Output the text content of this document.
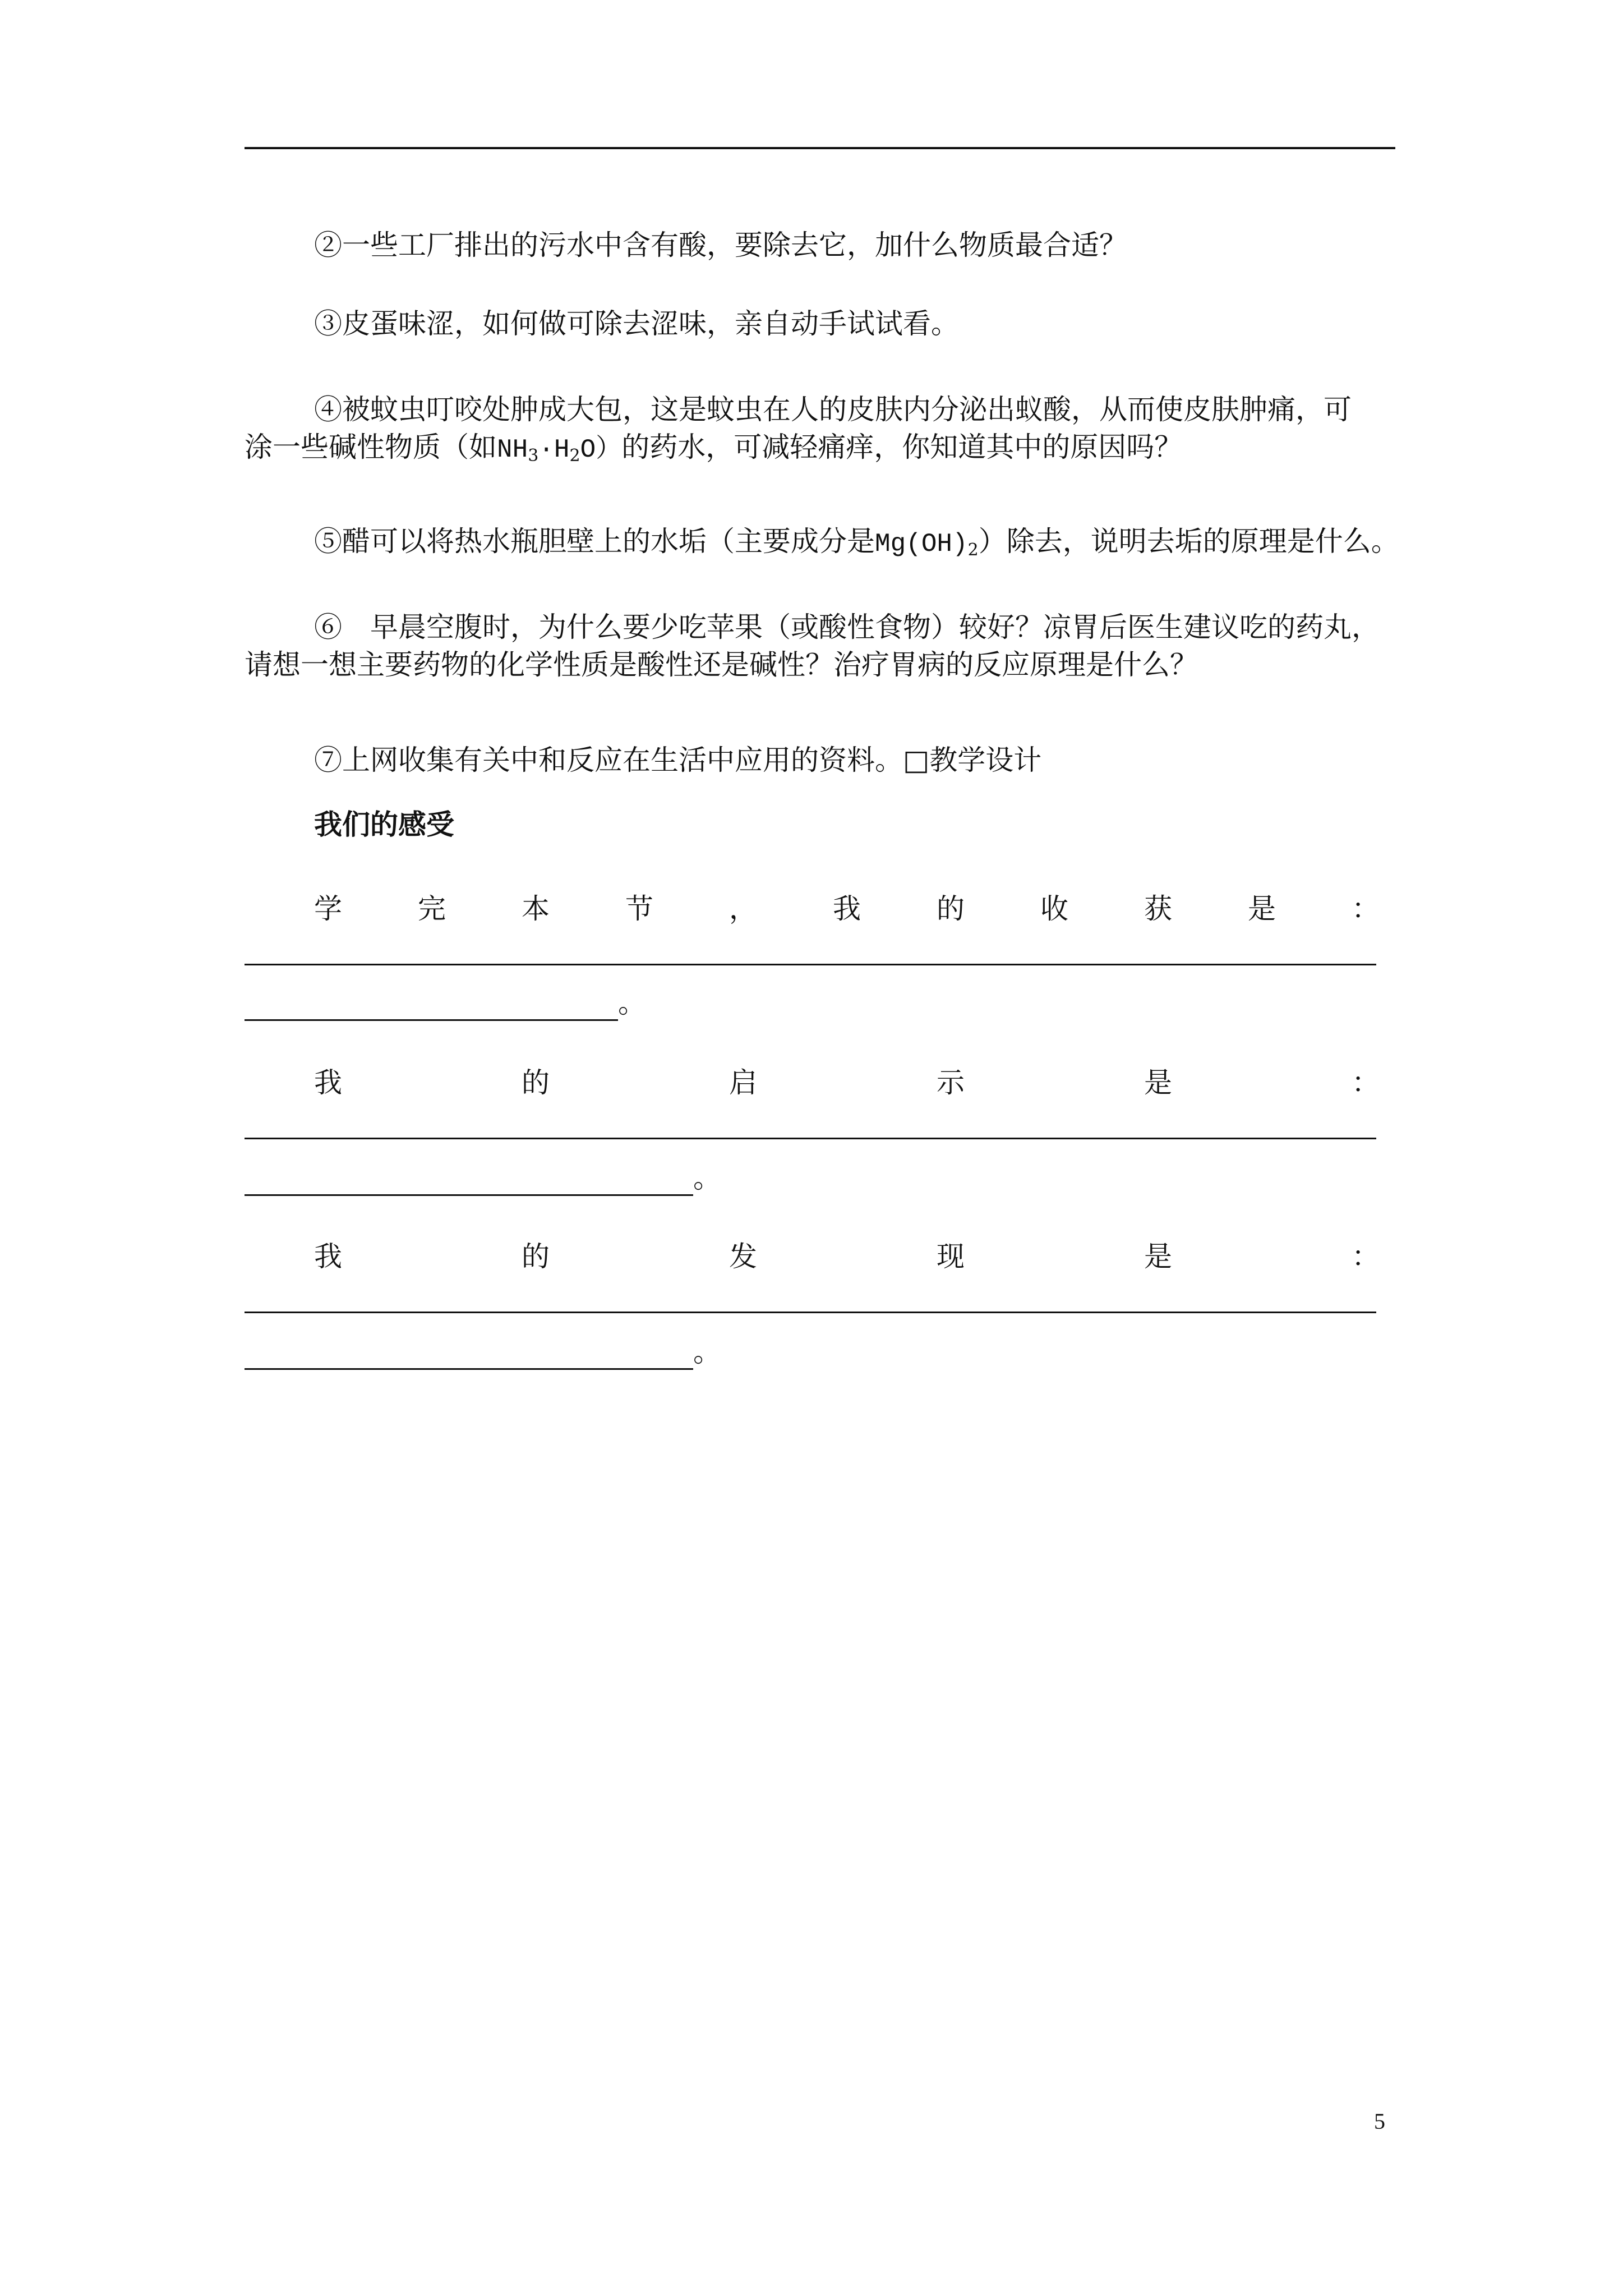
②一些工厂排出的污水中含有酸，要除去它，加什么物质最合适？
③皮蛋味涩，如何做可除去涩味，亲自动手试试看。
④被蚊虫叮咬处肿成大包，这是蚊虫在人的皮肤内分泌出蚁酸，从而使皮肤肿痛，可
涂一些碱性物质（如$NH_3\cdot H_2O$）的药水，可减轻痛痒，你知道其中的原因吗？
⑤醋可以将热水瓶胆壁上的水垢（主要成分是$Mg(OH)_2$）除去，说明去垢的原理是什么。
⑥　早晨空腹时，为什么要少吃苹果（或酸性食物）较好？凉胃后医生建议吃的药丸，
请想一想主要药物的化学性质是酸性还是碱性？治疗胃病的反应原理是什么？
⑦上网收集有关中和反应在生活中应用的资料。□教学设计
我们的感受
学	完	本	节	，	我	的	收	获	是	：
。
我	的	启	示	是	：
。
我	的	发	现	是	：
。
5
